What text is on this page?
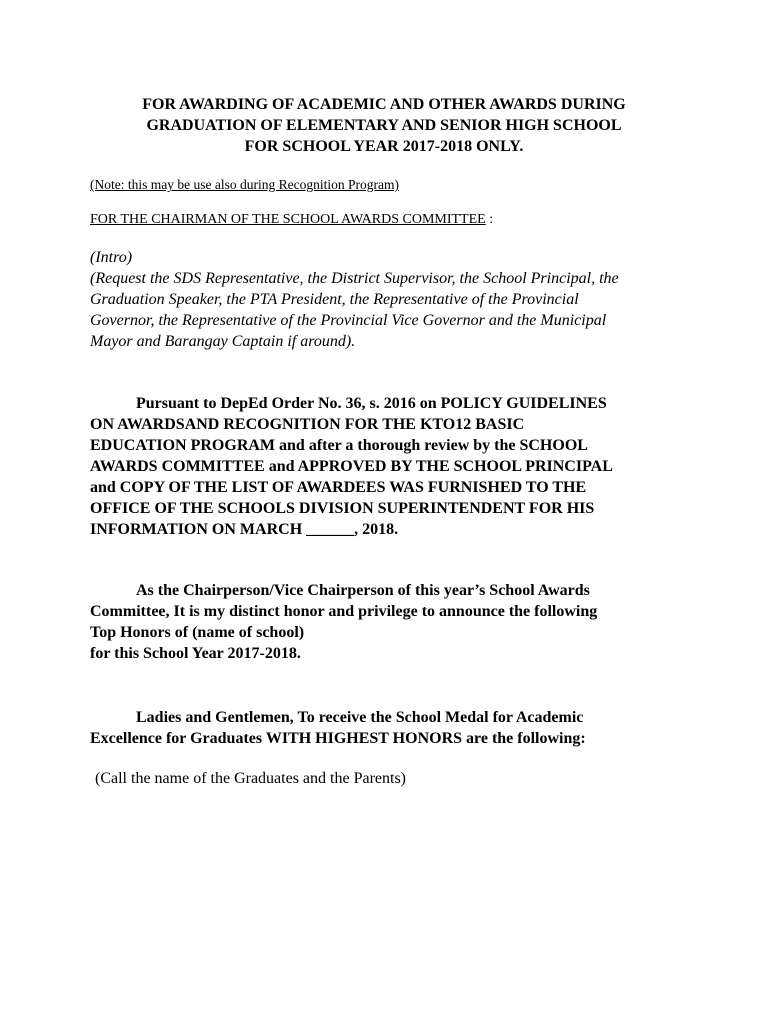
FOR AWARDING OF ACADEMIC AND OTHER AWARDS DURING
GRADUATION OF ELEMENTARY AND SENIOR HIGH SCHOOL
FOR SCHOOL YEAR 2017-2018 ONLY.
(Note: this may be use also during Recognition Program)
FOR THE CHAIRMAN OF THE SCHOOL AWARDS COMMITTEE :
(Intro)
(Request the SDS Representative, the District Supervisor, the School Principal, the
Graduation Speaker, the PTA President, the Representative of the Provincial
Governor, the Representative of the Provincial Vice Governor and the Municipal
Mayor and Barangay Captain if around).
Pursuant to DepEd Order No. 36, s. 2016 on POLICY GUIDELINES
ON AWARDSAND RECOGNITION FOR THE KTO12 BASIC
EDUCATION PROGRAM and after a thorough review by the SCHOOL
AWARDS COMMITTEE and APPROVED BY THE SCHOOL PRINCIPAL
and COPY OF THE LIST OF AWARDEES WAS FURNISHED TO THE
OFFICE OF THE SCHOOLS DIVISION SUPERINTENDENT FOR HIS
INFORMATION ON MARCH ______, 2018.
As the Chairperson/Vice Chairperson of this year’s School Awards
Committee, It is my distinct honor and privilege to announce the following
Top Honors of (name of school)
for this School Year 2017-2018.
Ladies and Gentlemen, To receive the School Medal for Academic
Excellence for Graduates WITH HIGHEST HONORS are the following:
(Call the name of the Graduates and the Parents)
